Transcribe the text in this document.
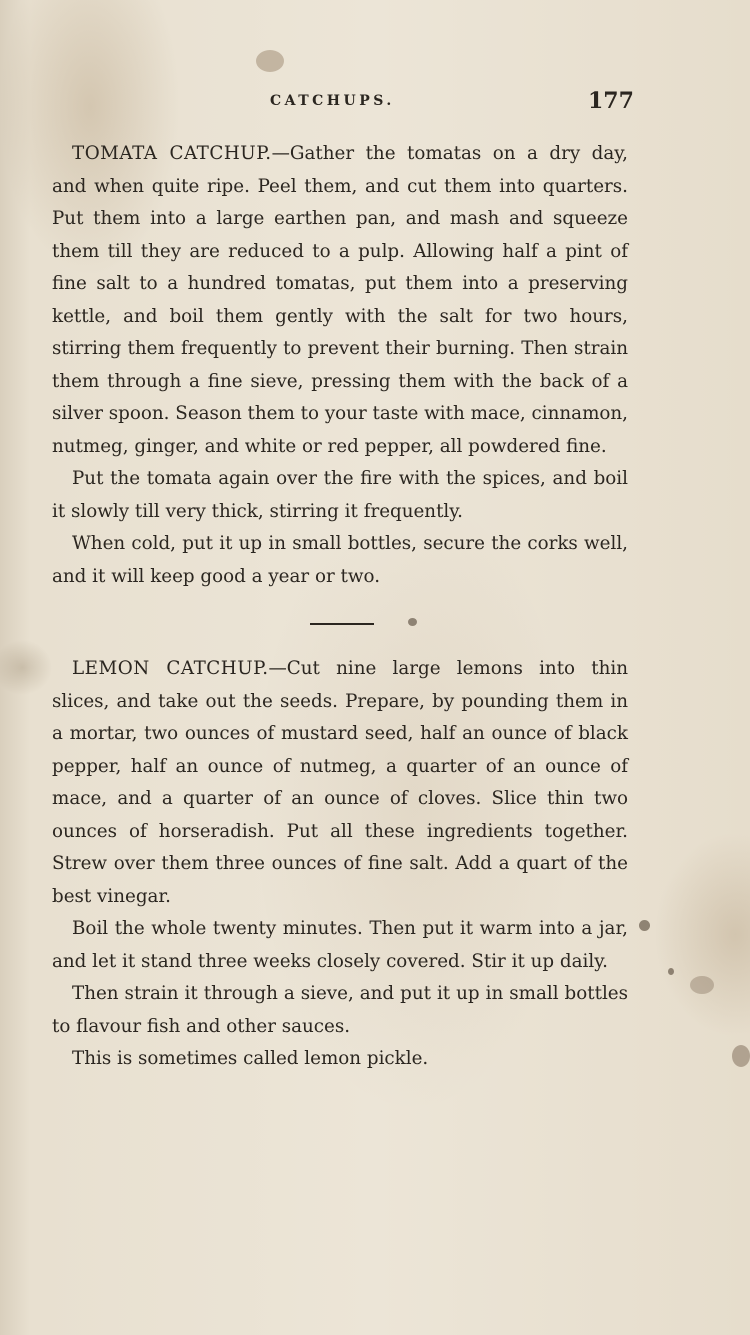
CATCHUPS.	177

TOMATA CATCHUP.—Gather the tomatas on a dry day, and when quite ripe. Peel them, and cut them into quarters. Put them into a large earthen pan, and mash and squeeze them till they are reduced to a pulp. Allowing half a pint of fine salt to a hundred tomatas, put them into a preserving kettle, and boil them gently with the salt for two hours, stirring them frequently to prevent their burning. Then strain them through a fine sieve, pressing them with the back of a silver spoon. Season them to your taste with mace, cinnamon, nutmeg, ginger, and white or red pepper, all powdered fine.

Put the tomata again over the fire with the spices, and boil it slowly till very thick, stirring it frequently.

When cold, put it up in small bottles, secure the corks well, and it will keep good a year or two.

LEMON CATCHUP.—Cut nine large lemons into thin slices, and take out the seeds. Prepare, by pounding them in a mortar, two ounces of mustard seed, half an ounce of black pepper, half an ounce of nutmeg, a quarter of an ounce of mace, and a quarter of an ounce of cloves. Slice thin two ounces of horseradish. Put all these ingredients together. Strew over them three ounces of fine salt. Add a quart of the best vinegar.

Boil the whole twenty minutes. Then put it warm into a jar, and let it stand three weeks closely covered. Stir it up daily.

Then strain it through a sieve, and put it up in small bottles to flavour fish and other sauces.

This is sometimes called lemon pickle.
